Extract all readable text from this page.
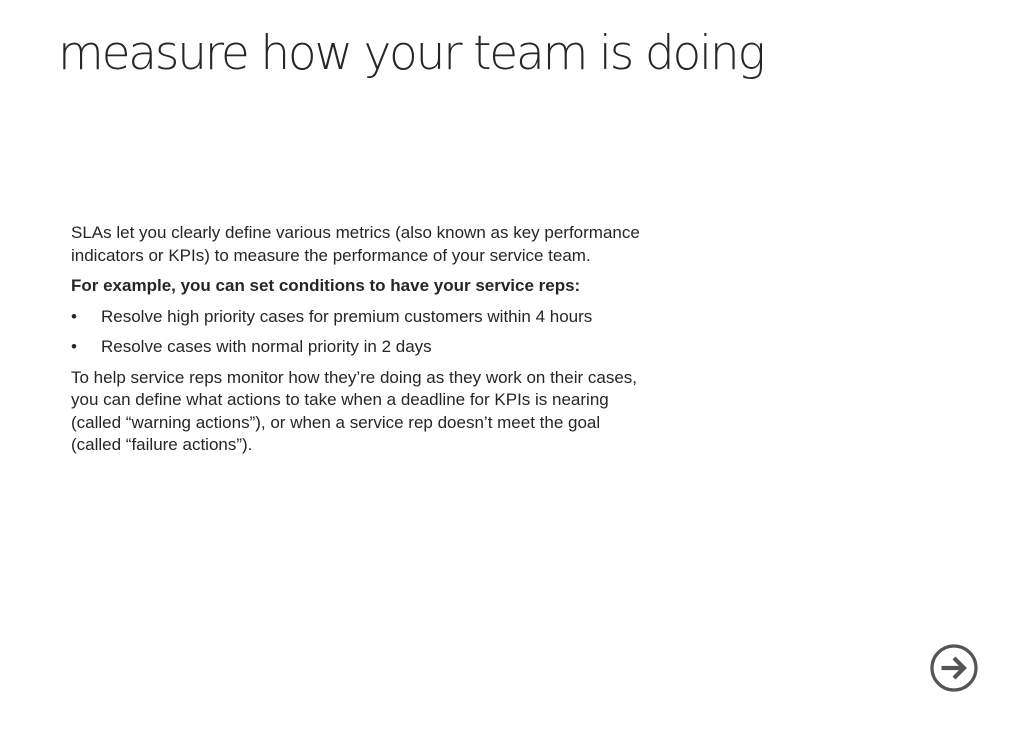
measure how your team is doing

SLAs let you clearly define various metrics (also known as key performance indicators or KPIs) to measure the performance of your service team.

For example, you can set conditions to have your service reps:

• Resolve high priority cases for premium customers within 4 hours
• Resolve cases with normal priority in 2 days

To help service reps monitor how they’re doing as they work on their cases, you can define what actions to take when a deadline for KPIs is nearing (called “warning actions”), or when a service rep doesn’t meet the goal (called “failure actions”).
